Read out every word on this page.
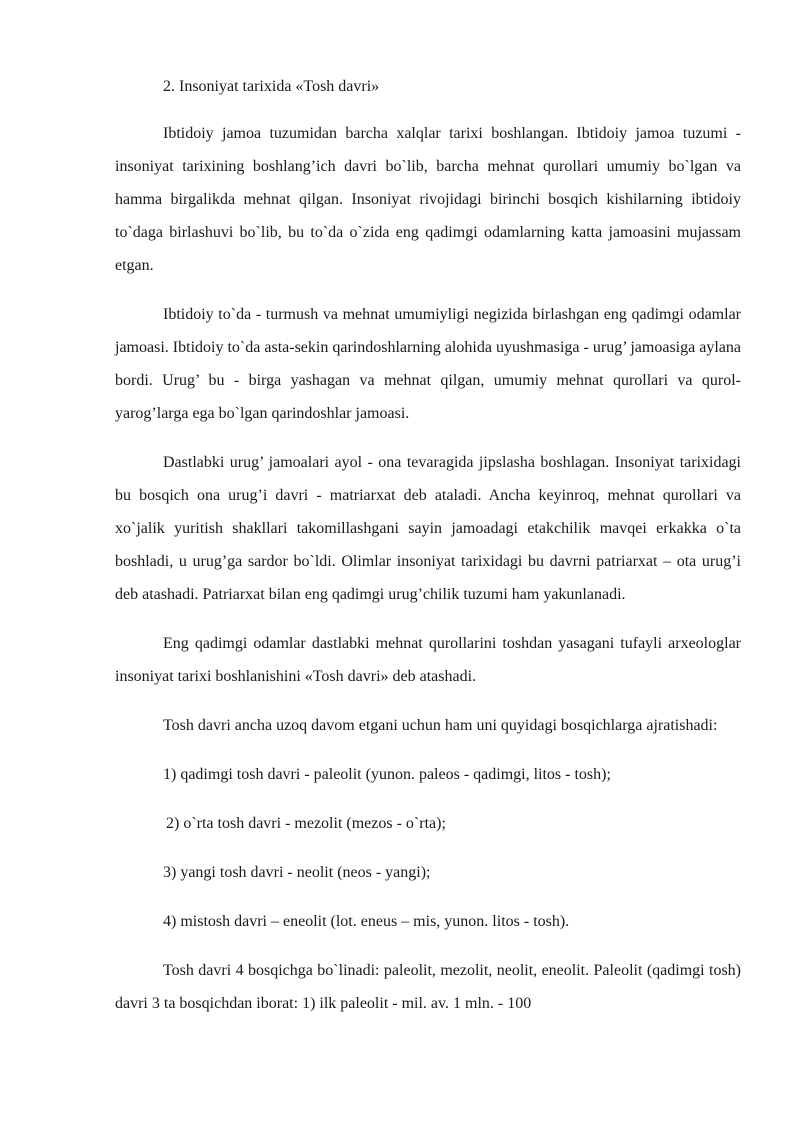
2. Insoniyat tarixida «Tosh davri»

Ibtidoiy jamoa tuzumidan barcha xalqlar tarixi boshlangan. Ibtidoiy jamoa tuzumi - insoniyat tarixining boshlang’ich davri bo`lib, barcha mehnat qurollari umumiy bo`lgan va hamma birgalikda mehnat qilgan. Insoniyat rivojidagi birinchi bosqich kishilarning ibtidoiy to`daga birlashuvi bo`lib, bu to`da o`zida eng qadimgi odamlarning katta jamoasini mujassam etgan.

Ibtidoiy to`da - turmush va mehnat umumiyligi negizida birlashgan eng qadimgi odamlar jamoasi. Ibtidoiy to`da asta-sekin qarindoshlarning alohida uyushmasiga - urug’ jamoasiga aylana bordi. Urug’ bu - birga yashagan va mehnat qilgan, umumiy mehnat qurollari va qurol-yarog’larga ega bo`lgan qarindoshlar jamoasi.

Dastlabki urug’ jamoalari ayol - ona tevaragida jipslasha boshlagan. Insoniyat tarixidagi bu bosqich ona urug’i davri - matriarxat deb ataladi. Ancha keyinroq, mehnat qurollari va xo`jalik yuritish shakllari takomillashgani sayin jamoadagi etakchilik mavqei erkakka o`ta boshladi, u urug’ga sardor bo`ldi. Olimlar insoniyat tarixidagi bu davrni patriarxat – ota urug’i deb atashadi. Patriarxat bilan eng qadimgi urug’chilik tuzumi ham yakunlanadi.

Eng qadimgi odamlar dastlabki mehnat qurollarini toshdan yasagani tufayli arxeologlar insoniyat tarixi boshlanishini «Tosh davri» deb atashadi.

Tosh davri ancha uzoq davom etgani uchun ham uni quyidagi bosqichlarga ajratishadi:

1) qadimgi tosh davri - paleolit (yunon. paleos - qadimgi, litos - tosh);

2) o`rta tosh davri - mezolit (mezos - o`rta);

3) yangi tosh davri - neolit (neos - yangi);

4) mistosh davri – eneolit (lot. eneus – mis, yunon. litos - tosh).

Tosh davri 4 bosqichga bo`linadi: paleolit, mezolit, neolit, eneolit. Paleolit (qadimgi tosh) davri 3 ta bosqichdan iborat: 1) ilk paleolit - mil. av. 1 mln. - 100
